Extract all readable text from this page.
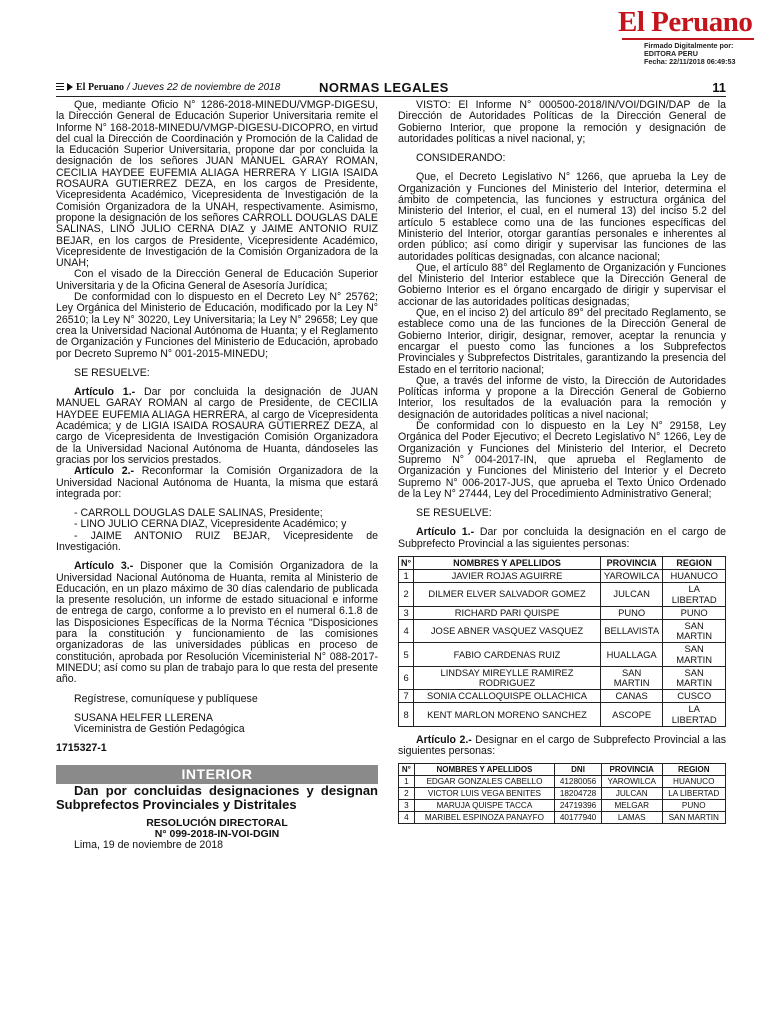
El Peruano
Firmado Digitalmente por:
EDITORA PERU
Fecha: 22/11/2018 06:49:53
El Peruano / Jueves 22 de noviembre de 2018	NORMAS LEGALES	11

Que, mediante Oficio N° 1286-2018-MINEDU/VMGP-DIGESU, la Dirección General de Educación Superior Universitaria remite el Informe N° 168-2018-MINEDU/VMGP-DIGESU-DICOPRO, en virtud del cual la Dirección de Coordinación y Promoción de la Calidad de la Educación Superior Universitaria, propone dar por concluida la designación de los señores JUAN MANUEL GARAY ROMAN, CECILIA HAYDEE EUFEMIA ALIAGA HERRERA Y LIGIA ISAIDA ROSAURA GUTIERREZ DEZA, en los cargos de Presidente, Vicepresidenta Académico, Vicepresidenta de Investigación de la Comisión Organizadora de la UNAH, respectivamente. Asimismo, propone la designación de los señores CARROLL DOUGLAS DALE SALINAS, LINO JULIO CERNA DIAZ y JAIME ANTONIO RUIZ BEJAR, en los cargos de Presidente, Vicepresidente Académico, Vicepresidente de Investigación de la Comisión Organizadora de la UNAH;

Con el visado de la Dirección General de Educación Superior Universitaria y de la Oficina General de Asesoría Jurídica;

De conformidad con lo dispuesto en el Decreto Ley N° 25762; Ley Orgánica del Ministerio de Educación, modificado por la Ley N° 26510; la Ley N° 30220, Ley Universitaria; la Ley N° 29658; Ley que crea la Universidad Nacional Autónoma de Huanta; y el Reglamento de Organización y Funciones del Ministerio de Educación, aprobado por Decreto Supremo N° 001-2015-MINEDU;

SE RESUELVE:

Artículo 1.- Dar por concluida la designación de JUAN MANUEL GARAY ROMAN al cargo de Presidente, de CECILIA HAYDEE EUFEMIA ALIAGA HERRERA, al cargo de Vicepresidenta Académica; y de LIGIA ISAIDA ROSAURA GUTIERREZ DEZA, al cargo de Vicepresidenta de Investigación Comisión Organizadora de la Universidad Nacional Autónoma de Huanta, dándoseles las gracias por los servicios prestados.

Artículo 2.- Reconformar la Comisión Organizadora de la Universidad Nacional Autónoma de Huanta, la misma que estará integrada por:

- CARROLL DOUGLAS DALE SALINAS, Presidente;

- LINO JULIO CERNA DIAZ, Vicepresidente Académico; y

- JAIME ANTONIO RUIZ BEJAR, Vicepresidente de Investigación.

Artículo 3.- Disponer que la Comisión Organizadora de la Universidad Nacional Autónoma de Huanta, remita al Ministerio de Educación, en un plazo máximo de 30 días calendario de publicada la presente resolución, un informe de estado situacional e informe de entrega de cargo, conforme a lo previsto en el numeral 6.1.8 de las Disposiciones Específicas de la Norma Técnica "Disposiciones para la constitución y funcionamiento de las comisiones organizadoras de las universidades públicas en proceso de constitución, aprobada por Resolución Viceministerial N° 088-2017-MINEDU; así como su plan de trabajo para lo que resta del presente año.

Regístrese, comuníquese y publíquese

SUSANA HELFER LLERENA

Viceministra de Gestión Pedagógica

1715327-1

INTERIOR

Dan por concluidas designaciones y designan Subprefectos Provinciales y Distritales

RESOLUCIÓN DIRECTORAL
N° 099-2018-IN-VOI-DGIN

Lima, 19 de noviembre de 2018

VISTO: El Informe N° 000500-2018/IN/VOI/DGIN/DAP de la Dirección de Autoridades Políticas de la Dirección General de Gobierno Interior, que propone la remoción y designación de autoridades políticas a nivel nacional, y;

CONSIDERANDO:

Que, el Decreto Legislativo N° 1266, que aprueba la Ley de Organización y Funciones del Ministerio del Interior, determina el ámbito de competencia, las funciones y estructura orgánica del Ministerio del Interior, el cual, en el numeral 13) del inciso 5.2 del artículo 5 establece como una de las funciones específicas del Ministerio del Interior, otorgar garantías personales e inherentes al orden público; así como dirigir y supervisar las funciones de las autoridades políticas designadas, con alcance nacional;

Que, el artículo 88° del Reglamento de Organización y Funciones del Ministerio del Interior establece que la Dirección General de Gobierno Interior es el órgano encargado de dirigir y supervisar el accionar de las autoridades políticas designadas;

Que, en el inciso 2) del artículo 89° del precitado Reglamento, se establece como una de las funciones de la Dirección General de Gobierno Interior, dirigir, designar, remover, aceptar la renuncia y encargar el puesto como las funciones a los Subprefectos Provinciales y Subprefectos Distritales, garantizando la presencia del Estado en el territorio nacional;

Que, a través del informe de visto, la Dirección de Autoridades Políticas informa y propone a la Dirección General de Gobierno Interior, los resultados de la evaluación para la remoción y designación de autoridades políticas a nivel nacional;

De conformidad con lo dispuesto en la Ley N° 29158, Ley Orgánica del Poder Ejecutivo; el Decreto Legislativo N° 1266, Ley de Organización y Funciones del Ministerio del Interior, el Decreto Supremo N° 004-2017-IN, que aprueba el Reglamento de Organización y Funciones del Ministerio del Interior y el Decreto Supremo N° 006-2017-JUS, que aprueba el Texto Único Ordenado de la Ley N° 27444, Ley del Procedimiento Administrativo General;

SE RESUELVE:

Artículo 1.- Dar por concluida la designación en el cargo de Subprefecto Provincial a las siguientes personas:

N°	NOMBRES Y APELLIDOS	PROVINCIA	REGION
1	JAVIER ROJAS AGUIRRE	YAROWILCA	HUANUCO
2	DILMER ELVER SALVADOR GOMEZ	JULCAN	LA LIBERTAD
3	RICHARD PARI QUISPE	PUNO	PUNO
4	JOSE ABNER VASQUEZ VASQUEZ	BELLAVISTA	SAN MARTIN
5	FABIO CARDENAS RUIZ	HUALLAGA	SAN MARTIN
6	LINDSAY MIREYLLE RAMIREZ RODRIGUEZ	SAN MARTIN	SAN MARTIN
7	SONIA CCALLOQUISPE OLLACHICA	CANAS	CUSCO
8	KENT MARLON MORENO SANCHEZ	ASCOPE	LA LIBERTAD

Artículo 2.- Designar en el cargo de Subprefecto Provincial a las siguientes personas:

N°	NOMBRES Y APELLIDOS	DNI	PROVINCIA	REGION
1	EDGAR GONZALES CABELLO	41280056	YAROWILCA	HUANUCO
2	VICTOR LUIS VEGA BENITES	18204728	JULCAN	LA LIBERTAD
3	MARUJA QUISPE TACCA	24719396	MELGAR	PUNO
4	MARIBEL ESPINOZA PANAYFO	40177940	LAMAS	SAN MARTIN
